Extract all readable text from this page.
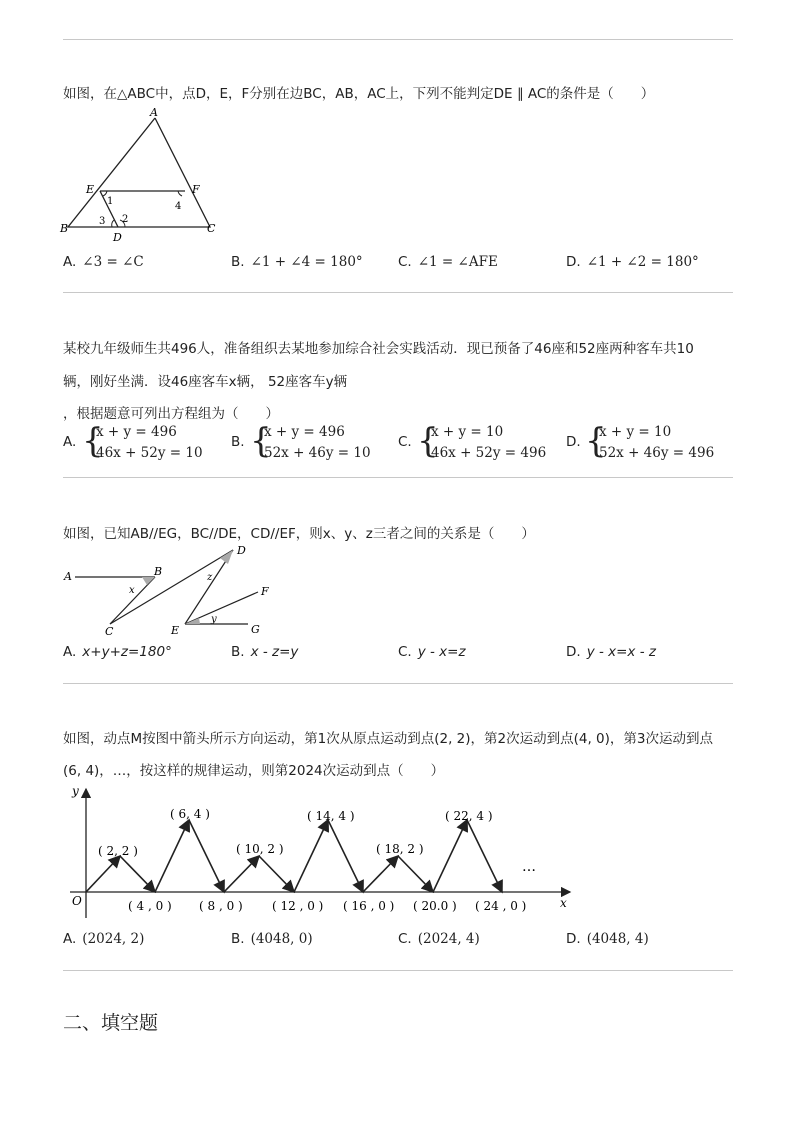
如图，在△ABC中，点D，E，F分别在边BC，AB，AC上，下列不能判定DE ∥ AC的条件是（　　）
A
B	C
D
E	F
1
2
3
4
A. ∠3 = ∠C	B. ∠1 + ∠4 = 180°	C. ∠1 = ∠AFE	D. ∠1 + ∠2 = 180°
某校九年级师生共496人，准备组织去某地参加综合社会实践活动．现已预备了46座和52座两种客车共10
辆，刚好坐满．设46座客车x辆， 52座客车y辆
，根据题意可列出方程组为（　　）
A. {
x + y = 496
46x + 52y = 10
B. {
x + y = 496
52x + 46y = 10
C. {
x + y = 10
46x + 52y = 496
D. {
x + y = 10
52x + 46y = 496
如图，已知AB//EG，BC//DE，CD//EF，则x、y、z三者之间的关系是（　　）
A	B
C
D
E
F
G
x
y
z
A. x+y+z=180°	B. x - z=y	C. y - x=z	D. y - x=x - z
如图，动点M按图中箭头所示方向运动，第1次从原点运动到点(2, 2)，第2次运动到点(4, 0)，第3次运动到点
(6, 4)，…，按这样的规律运动，则第2024次运动到点（　　）
y
x
O
…
( 2, 2 )
( 6, 4 )
( 10, 2 )
( 14, 4 )
( 18, 2 )
( 22, 4 )
( 4 , 0 ) ( 8 , 0 ) ( 12 , 0 ) ( 16 , 0 ) ( 20.0 ) ( 24 , 0 )
A. (2024, 2)	B. (4048, 0)	C. (2024, 4)	D. (4048, 4)
二、填空题
